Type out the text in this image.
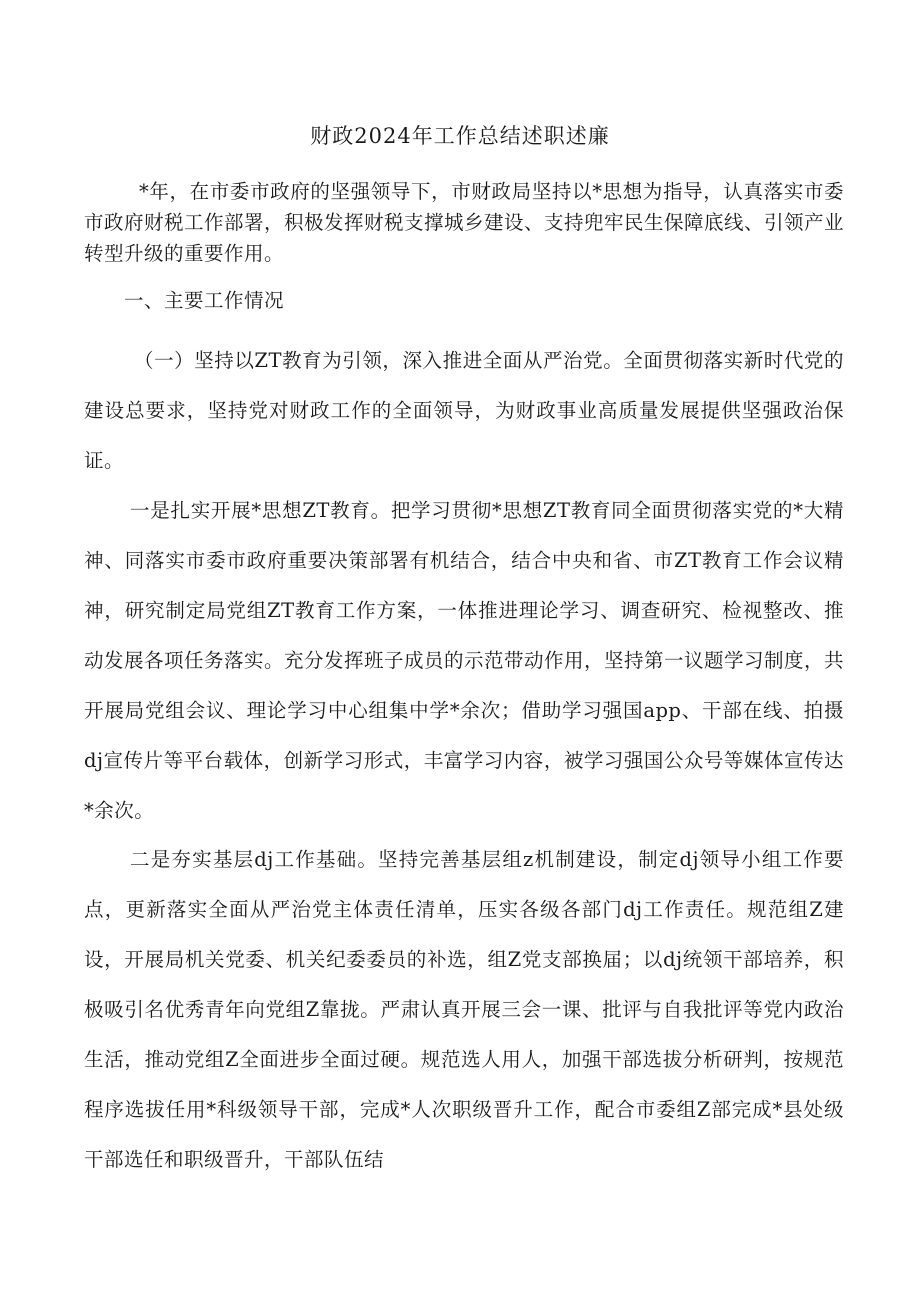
财政2024年工作总结述职述廉

*年，在市委市政府的坚强领导下，市财政局坚持以*思想为指导，认真落实市委市政府财税工作部署，积极发挥财税支撑城乡建设、支持兜牢民生保障底线、引领产业转型升级的重要作用。

一、主要工作情况

（一）坚持以ZT教育为引领，深入推进全面从严治党。全面贯彻落实新时代党的建设总要求，坚持党对财政工作的全面领导，为财政事业高质量发展提供坚强政治保证。

一是扎实开展*思想ZT教育。把学习贯彻*思想ZT教育同全面贯彻落实党的*大精神、同落实市委市政府重要决策部署有机结合，结合中央和省、市ZT教育工作会议精神，研究制定局党组ZT教育工作方案，一体推进理论学习、调查研究、检视整改、推动发展各项任务落实。充分发挥班子成员的示范带动作用，坚持第一议题学习制度，共开展局党组会议、理论学习中心组集中学*余次；借助学习强国app、干部在线、拍摄dj宣传片等平台载体，创新学习形式，丰富学习内容，被学习强国公众号等媒体宣传达*余次。

二是夯实基层dj工作基础。坚持完善基层组z机制建设，制定dj领导小组工作要点，更新落实全面从严治党主体责任清单，压实各级各部门dj工作责任。规范组Z建设，开展局机关党委、机关纪委委员的补选，组Z党支部换届；以dj统领干部培养，积极吸引名优秀青年向党组Z靠拢。严肃认真开展三会一课、批评与自我批评等党内政治生活，推动党组Z全面进步全面过硬。规范选人用人，加强干部选拔分析研判，按规范程序选拔任用*科级领导干部，完成*人次职级晋升工作，配合市委组Z部完成*县处级干部选任和职级晋升，干部队伍结
